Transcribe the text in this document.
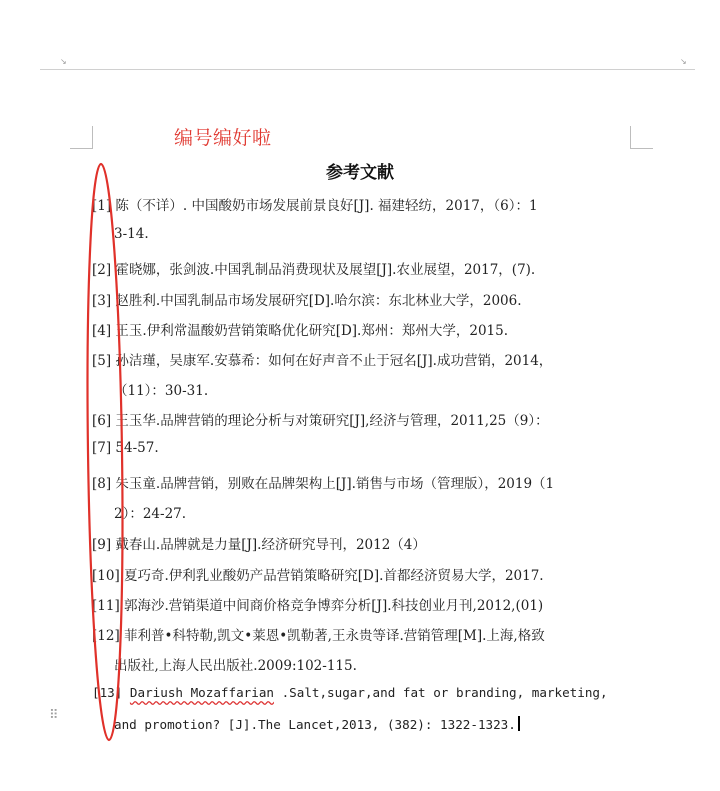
↘	↘
编号编好啦
参考文献
[1] 陈（不详）. 中国酸奶市场发展前景良好[J]. 福建轻纺，2017，（6）：1
3-14.
[2] 霍晓娜，张剑波.中国乳制品消费现状及展望[J].农业展望，2017，(7).
[3] 赵胜利.中国乳制品市场发展研究[D].哈尔滨：东北林业大学，2006.
[4] 王玉.伊利常温酸奶营销策略优化研究[D].郑州：郑州大学，2015.
[5] 孙洁瑾，吴康军.安慕希：如何在好声音不止于冠名[J].成功营销，2014，
（11）：30-31.
[6] 王玉华.品牌营销的理论分析与对策研究[J],经济与管理，2011,25（9）：
[7] 54-57.
[8] 朱玉童.品牌营销，别败在品牌架构上[J].销售与市场（管理版），2019（1
2）：24-27.
[9] 戴春山.品牌就是力量[J].经济研究导刊，2012（4）
[10] 夏巧奇.伊利乳业酸奶产品营销策略研究[D].首都经济贸易大学，2017.
[11] 郭海沙.营销渠道中间商价格竞争博弈分析[J].科技创业月刊,2012,(01)
[12] 菲利普•科特勒,凯文•莱恩•凯勒著,王永贵等译.营销管理[M].上海,格致
出版社,上海人民出版社.2009:102-115.
[13] Dariush Mozaffarian .Salt,sugar,and fat or branding, marketing,
and promotion? [J].The Lancet,2013, (382): 1322-1323.
⠿
